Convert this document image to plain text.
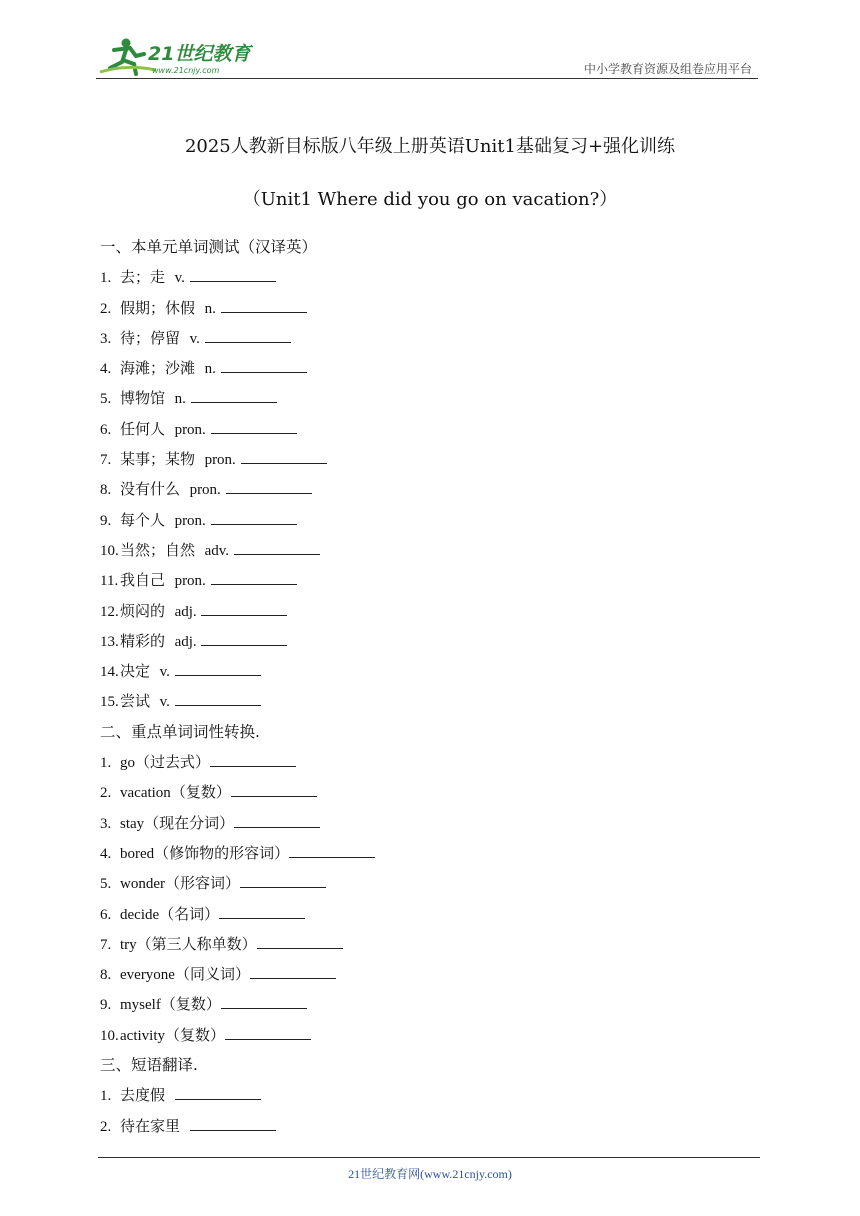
21世纪教育
www.21cnjy.com	中小学教育资源及组卷应用平台
2025人教新目标版八年级上册英语Unit1基础复习+强化训练
（Unit1 Where did you go on vacation?）
一、本单元单词测试（汉译英）
1. 去；走 v.
2. 假期；休假 n.
3. 待；停留 v.
4. 海滩；沙滩 n.
5. 博物馆 n.
6. 任何人 pron.
7. 某事；某物 pron.
8. 没有什么 pron.
9. 每个人 pron.
10.当然；自然 adv.
11. 我自己 pron.
12.烦闷的 adj.
13.精彩的 adj.
14.决定 v.
15.尝试 v.
二、重点单词词性转换.
1. go（过去式）
2. vacation（复数）
3. stay（现在分词）
4. bored（修饰物的形容词）
5. wonder（形容词）
6. decide（名词）
7. try（第三人称单数）
8. everyone（同义词）
9. myself（复数）
10.activity（复数）
三、短语翻译.
1. 去度假
2. 待在家里
21世纪教育网(www.21cnjy.com)
